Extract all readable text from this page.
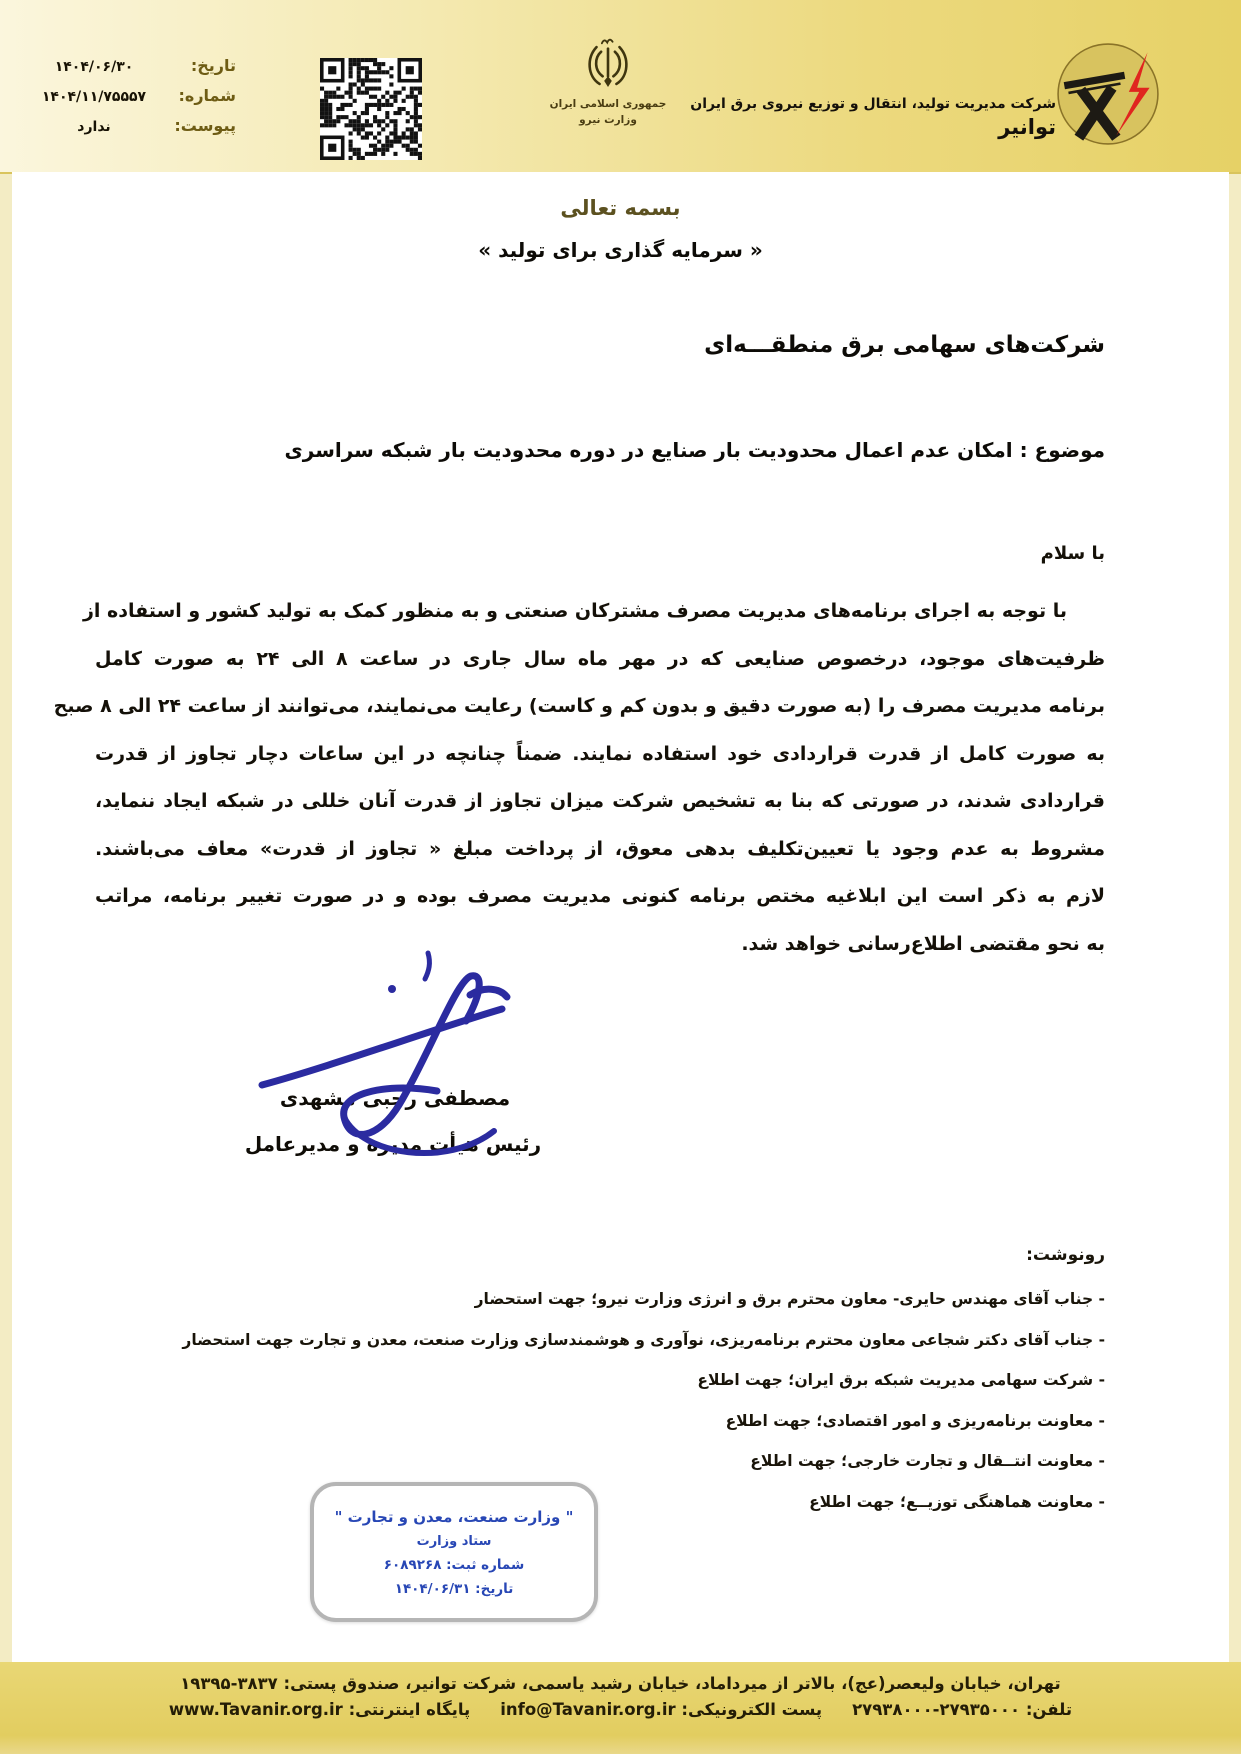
تاریخ:
۱۴۰۴/۰۶/۳۰
شماره:
۱۴۰۴/۱۱/۷۵۵۵۷
پیوست:
ندارد
جمهوری اسلامی ایران
وزارت نیرو
شرکت مدیریت تولید، انتقال و توزیع نیروی برق ایران
توانیر
بسمه تعالی
« سرمایه گذاری برای تولید »
شرکت‌های سهامی برق منطقـــه‌ای
موضوع : امکان عدم اعمال محدودیت بار صنایع در دوره محدودیت بار شبکه سراسری
با سلام
با توجه به اجرای برنامه‌های مدیریت مصرف مشترکان صنعتی و به منظور کمک به تولید کشور و استفاده از
ظرفیت‌های موجود، درخصوص صنایعی که در مهر ماه سال جاری در ساعت ۸ الی ۲۴ به صورت کامل
برنامه مدیریت مصرف را (به صورت دقیق و بدون کم و کاست) رعایت می‌نمایند، می‌توانند از ساعت ۲۴ الی ۸ صبح
به صورت کامل از قدرت قراردادی خود استفاده نمایند. ضمناً چنانچه در این ساعات دچار تجاوز از قدرت
قراردادی شدند، در صورتی که بنا به تشخیص شرکت میزان تجاوز از قدرت آنان خللی در شبکه ایجاد ننماید،
مشروط به عدم وجود یا تعیین‌تکلیف بدهی معوق، از پرداخت مبلغ « تجاوز از قدرت» معاف می‌باشند.
لازم به ذکر است این ابلاغیه مختص برنامه کنونی مدیریت مصرف بوده و در صورت تغییر برنامه، مراتب
به نحو مقتضی اطلاع‌رسانی خواهد شد.
مصطفی رجبی مشهدی
رئیس هیأت مدیره و مدیرعامل
رونوشت:
- جناب آقای مهندس حایری- معاون محترم برق و انرژی وزارت نیرو؛ جهت استحضار
- جناب آقای دکتر شجاعی معاون محترم برنامه‌ریزی، نوآوری و هوشمندسازی وزارت صنعت، معدن و تجارت جهت استحضار
- شرکت سهامی مدیریت شبکه برق ایران؛ جهت اطلاع
- معاونت برنامه‌ریزی و امور اقتصادی؛ جهت اطلاع
- معاونت انتــقال و تجارت خارجی؛ جهت اطلاع
- معاونت هماهنگی توزیــع؛ جهت اطلاع
" وزارت صنعت، معدن و تجارت "
ستاد وزارت
شماره ثبت: ۶۰۸۹۲۶۸
تاریخ: ۱۴۰۴/۰۶/۳۱
تهران، خیابان ولیعصر(عج)، بالاتر از میرداماد، خیابان رشید یاسمی، شرکت توانیر، صندوق پستی: ۳۸۳۷-۱۹۳۹۵
تلفن: ۲۷۹۳۸۰۰۰-۲۷۹۳۵۰۰۰
پست الکترونیکی: info@Tavanir.org.ir
پایگاه اینترنتی: www.Tavanir.org.ir
